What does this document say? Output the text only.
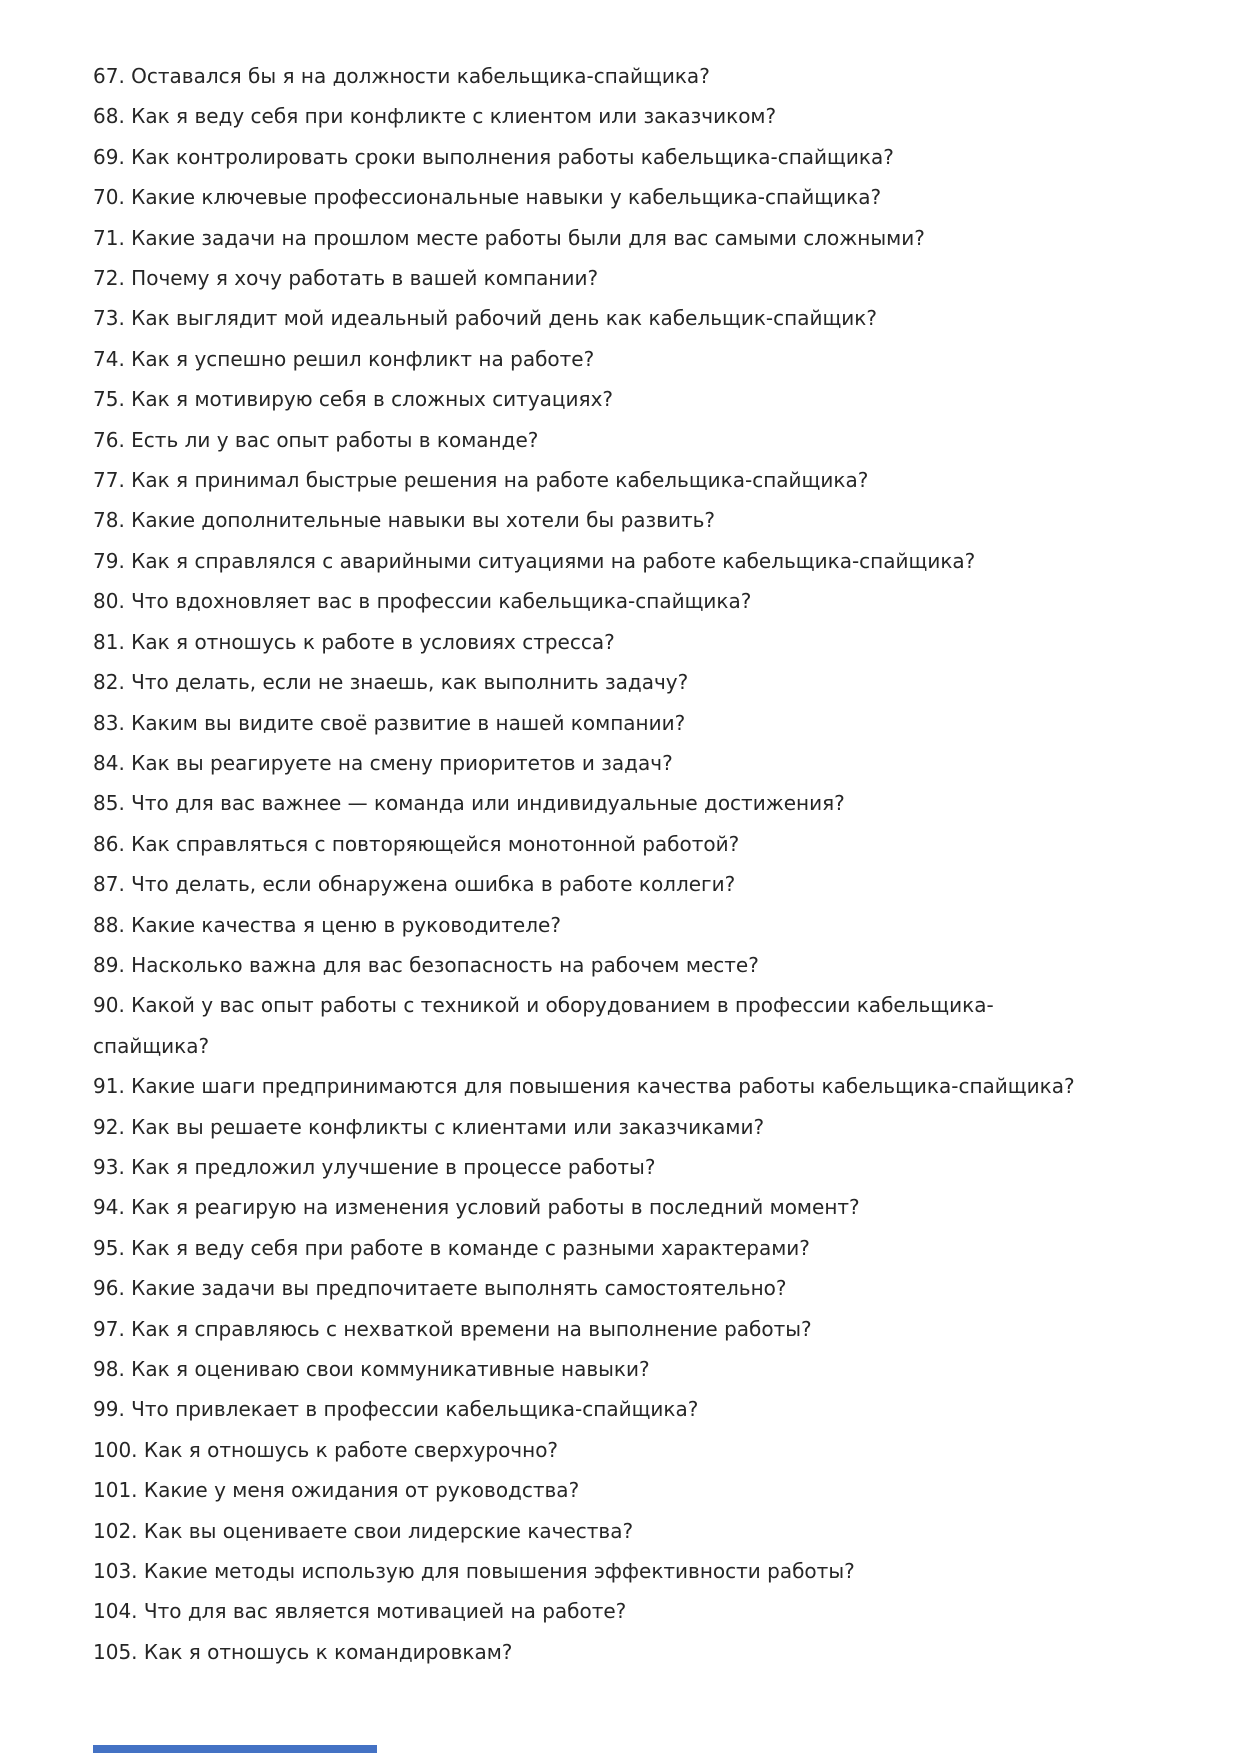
67. Оставался бы я на должности кабельщика-спайщика?
68. Как я веду себя при конфликте с клиентом или заказчиком?
69. Как контролировать сроки выполнения работы кабельщика-спайщика?
70. Какие ключевые профессиональные навыки у кабельщика-спайщика?
71. Какие задачи на прошлом месте работы были для вас самыми сложными?
72. Почему я хочу работать в вашей компании?
73. Как выглядит мой идеальный рабочий день как кабельщик-спайщик?
74. Как я успешно решил конфликт на работе?
75. Как я мотивирую себя в сложных ситуациях?
76. Есть ли у вас опыт работы в команде?
77. Как я принимал быстрые решения на работе кабельщика-спайщика?
78. Какие дополнительные навыки вы хотели бы развить?
79. Как я справлялся с аварийными ситуациями на работе кабельщика-спайщика?
80. Что вдохновляет вас в профессии кабельщика-спайщика?
81. Как я отношусь к работе в условиях стресса?
82. Что делать, если не знаешь, как выполнить задачу?
83. Каким вы видите своё развитие в нашей компании?
84. Как вы реагируете на смену приоритетов и задач?
85. Что для вас важнее — команда или индивидуальные достижения?
86. Как справляться с повторяющейся монотонной работой?
87. Что делать, если обнаружена ошибка в работе коллеги?
88. Какие качества я ценю в руководителе?
89. Насколько важна для вас безопасность на рабочем месте?
90. Какой у вас опыт работы с техникой и оборудованием в профессии кабельщика-
спайщика?
91. Какие шаги предпринимаются для повышения качества работы кабельщика-спайщика?
92. Как вы решаете конфликты с клиентами или заказчиками?
93. Как я предложил улучшение в процессе работы?
94. Как я реагирую на изменения условий работы в последний момент?
95. Как я веду себя при работе в команде с разными характерами?
96. Какие задачи вы предпочитаете выполнять самостоятельно?
97. Как я справляюсь с нехваткой времени на выполнение работы?
98. Как я оцениваю свои коммуникативные навыки?
99. Что привлекает в профессии кабельщика-спайщика?
100. Как я отношусь к работе сверхурочно?
101. Какие у меня ожидания от руководства?
102. Как вы оцениваете свои лидерские качества?
103. Какие методы использую для повышения эффективности работы?
104. Что для вас является мотивацией на работе?
105. Как я отношусь к командировкам?
